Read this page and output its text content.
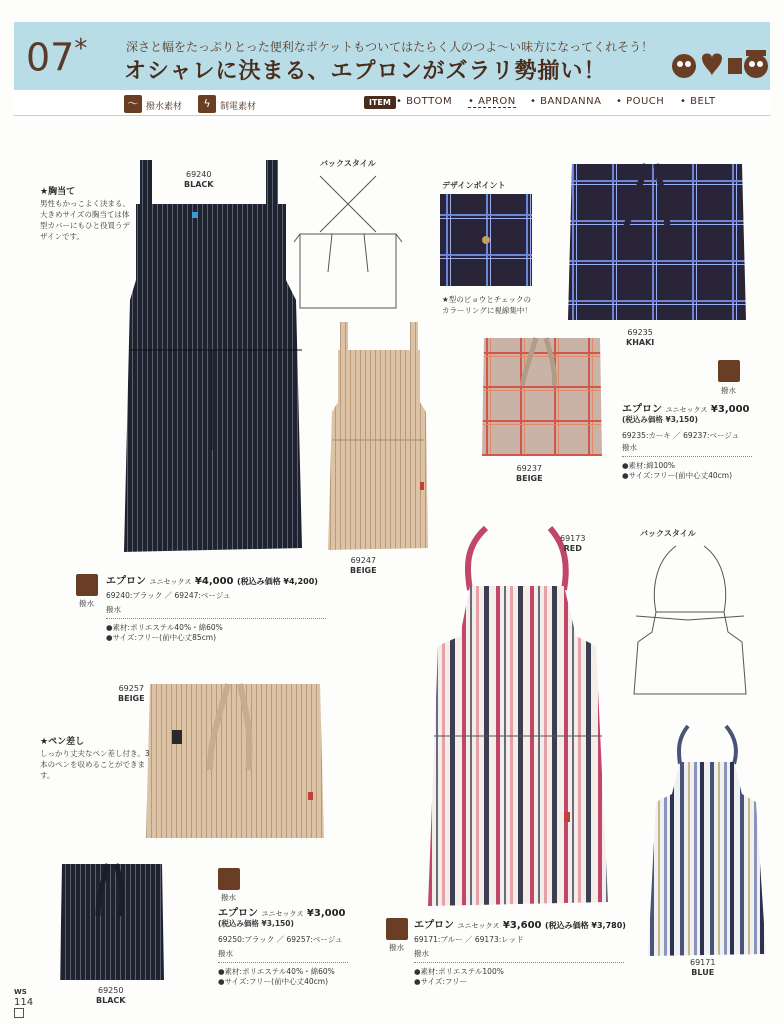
07*	深さと幅をたっぷりとった便利なポケットもついてはたらく人のつよ〜い味方になってくれそう！
オシャレに決まる、エプロンがズラリ勢揃い！
〜 撥水素材	ϟ	制電素材	ITEM • BOTTOM • APRON • BANDANNA • POUCH • BELT
69240
BLACK
バックスタイル
デザインポイント
★型のビョウとチェックのカラーリングに視線集中！
69235
KHAKI
★胸当て
男性もかっこよく決まる、大きめサイズの胸当ては体型カバーにもひと役買うデザインです。
69247
BEIGE
69237
BEIGE
撥水
エプロン ユニセックス ¥3,000
(税込み価格 ¥3,150)
69235:カーキ ／ 69237:ベージュ
撥水
●素材:綿100%
●サイズ:フリー(前中心丈40cm)
69173
RED
バックスタイル
撥水
エプロン ユニセックス ¥4,000 (税込み価格 ¥4,200)
69240:ブラック ／ 69247:ベージュ
撥水
●素材:ポリエステル40%・綿60%
●サイズ:フリー(前中心丈85cm)
69257
BEIGE
★ペン差し
しっかり丈夫なペン差し付き。3本のペンを収めることができます。
69171
BLUE
69250
BLACK
撥水
エプロン ユニセックス ¥3,000
(税込み価格 ¥3,150)
69250:ブラック ／ 69257:ベージュ
撥水
●素材:ポリエステル40%・綿60%
●サイズ:フリー(前中心丈40cm)
撥水
エプロン ユニセックス ¥3,600 (税込み価格 ¥3,780)
69171:ブルー ／ 69173:レッド
撥水
●素材:ポリエステル100%
●サイズ:フリー
WS
114
